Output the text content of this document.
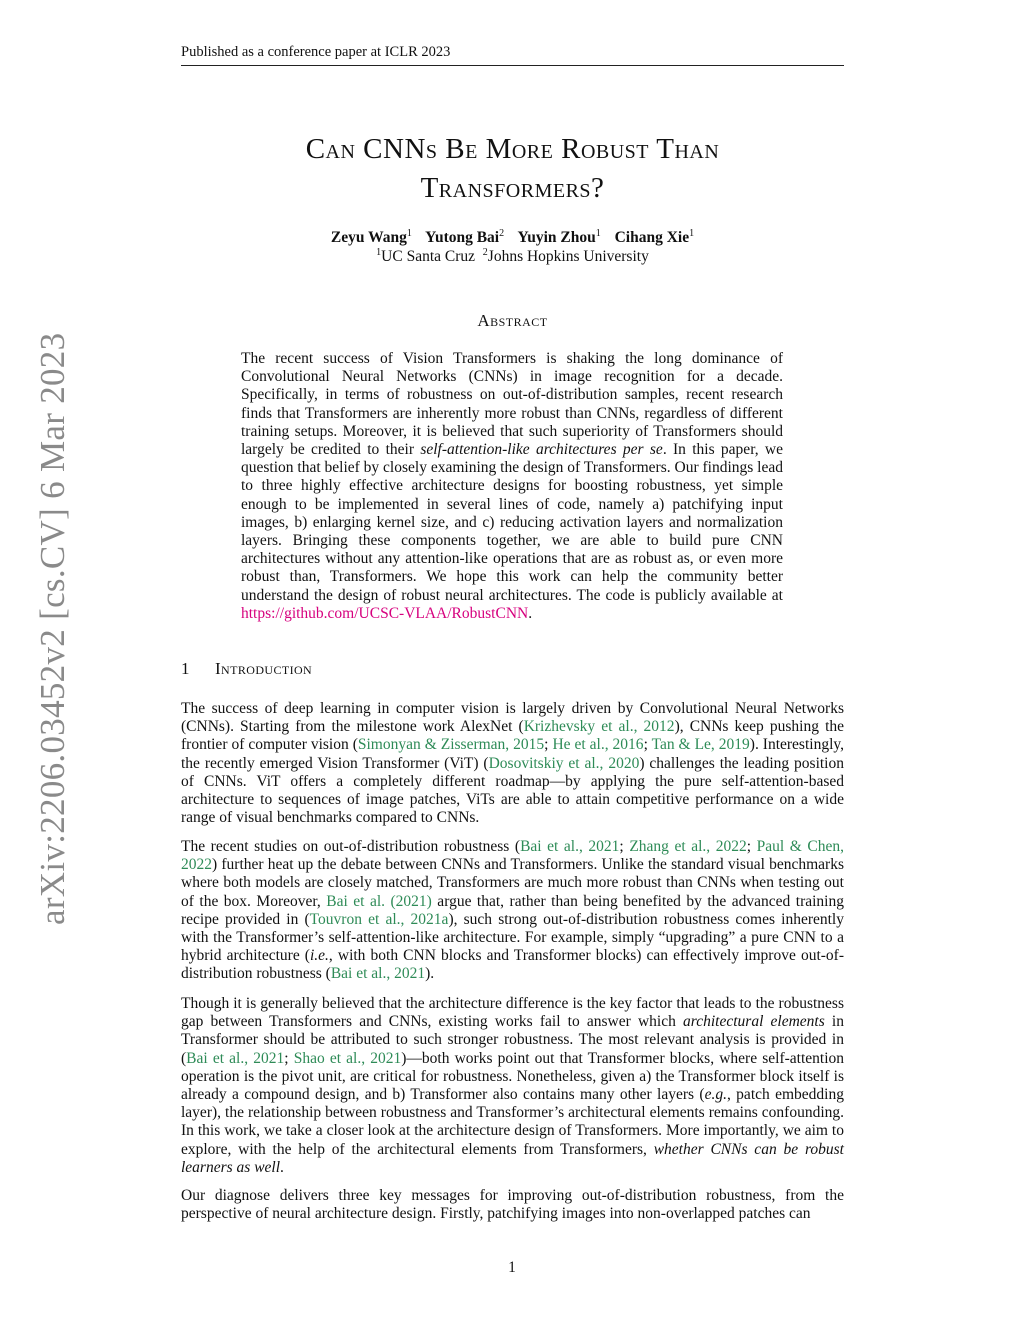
Published as a conference paper at ICLR 2023
arXiv:2206.03452v2 [cs.CV] 6 Mar 2023
Can CNNs Be More Robust Than
Transformers?
Zeyu Wang$^1$ Yutong Bai$^2$ Yuyin Zhou$^1$ Cihang Xie$^1$
$^1$UC Santa Cruz $^2$Johns Hopkins University
Abstract
The recent success of Vision Transformers is shaking the long dominance of Convolutional Neural Networks (CNNs) in image recognition for a decade. Specifically, in terms of robustness on out-of-distribution samples, recent research finds that Transformers are inherently more robust than CNNs, regardless of different training setups. Moreover, it is believed that such superiority of Transformers should largely be credited to their self-attention-like architectures per se. In this paper, we question that belief by closely examining the design of Transformers. Our findings lead to three highly effective architecture designs for boosting robustness, yet simple enough to be implemented in several lines of code, namely a) patchifying input images, b) enlarging kernel size, and c) reducing activation layers and normalization layers. Bringing these components together, we are able to build pure CNN architectures without any attention-like operations that are as robust as, or even more robust than, Transformers. We hope this work can help the community better understand the design of robust neural architectures. The code is publicly available at https://github.com/UCSC-VLAA/RobustCNN.
1 Introduction
The success of deep learning in computer vision is largely driven by Convolutional Neural Networks (CNNs). Starting from the milestone work AlexNet (Krizhevsky et al., 2012), CNNs keep pushing the frontier of computer vision (Simonyan & Zisserman, 2015; He et al., 2016; Tan & Le, 2019). Interestingly, the recently emerged Vision Transformer (ViT) (Dosovitskiy et al., 2020) challenges the leading position of CNNs. ViT offers a completely different roadmap—by applying the pure self-attention-based architecture to sequences of image patches, ViTs are able to attain competitive performance on a wide range of visual benchmarks compared to CNNs.
The recent studies on out-of-distribution robustness (Bai et al., 2021; Zhang et al., 2022; Paul & Chen, 2022) further heat up the debate between CNNs and Transformers. Unlike the standard visual benchmarks where both models are closely matched, Transformers are much more robust than CNNs when testing out of the box. Moreover, Bai et al. (2021) argue that, rather than being benefited by the advanced training recipe provided in (Touvron et al., 2021a), such strong out-of-distribution robustness comes inherently with the Transformer’s self-attention-like architecture. For example, simply “upgrading” a pure CNN to a hybrid architecture (i.e., with both CNN blocks and Transformer blocks) can effectively improve out-of-distribution robustness (Bai et al., 2021).
Though it is generally believed that the architecture difference is the key factor that leads to the robustness gap between Transformers and CNNs, existing works fail to answer which architectural elements in Transformer should be attributed to such stronger robustness. The most relevant analysis is provided in (Bai et al., 2021; Shao et al., 2021)—both works point out that Transformer blocks, where self-attention operation is the pivot unit, are critical for robustness. Nonetheless, given a) the Transformer block itself is already a compound design, and b) Transformer also contains many other layers (e.g., patch embedding layer), the relationship between robustness and Transformer’s architectural elements remains confounding. In this work, we take a closer look at the architecture design of Transformers. More importantly, we aim to explore, with the help of the architectural elements from Transformers, whether CNNs can be robust learners as well.
Our diagnose delivers three key messages for improving out-of-distribution robustness, from the perspective of neural architecture design. Firstly, patchifying images into non-overlapped patches can
1
